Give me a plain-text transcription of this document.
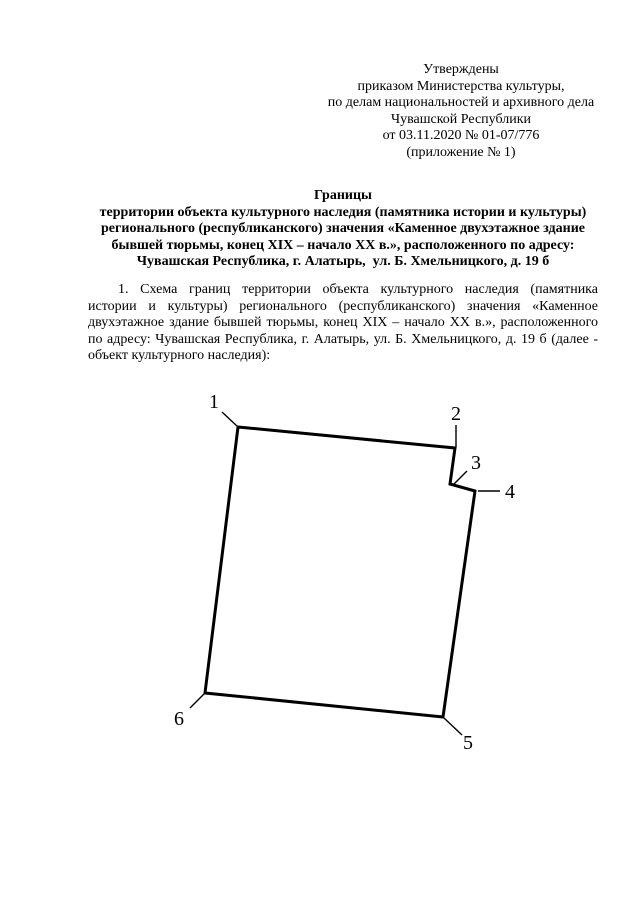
Утверждены
приказом Министерства культуры,
по делам национальностей и архивного дела
Чувашской Республики
от 03.11.2020 № 01-07/776
(приложение № 1)
Границы
территории объекта культурного наследия (памятника истории и культуры)
регионального (республиканского) значения «Каменное двухэтажное здание
бывшей тюрьмы, конец XIX – начало XX в.», расположенного по адресу:
Чувашская Республика, г. Алатырь,  ул. Б. Хмельницкого, д. 19 б
1. Схема границ территории объекта культурного наследия (памятника
истории и культуры) регионального (республиканского) значения «Каменное
двухэтажное здание бывшей тюрьмы, конец XIX – начало XX в.», расположенного
по адресу: Чувашская Республика, г. Алатырь, ул. Б. Хмельницкого, д. 19 б (далее -
объект культурного наследия):
1
2
3
4
5
6
